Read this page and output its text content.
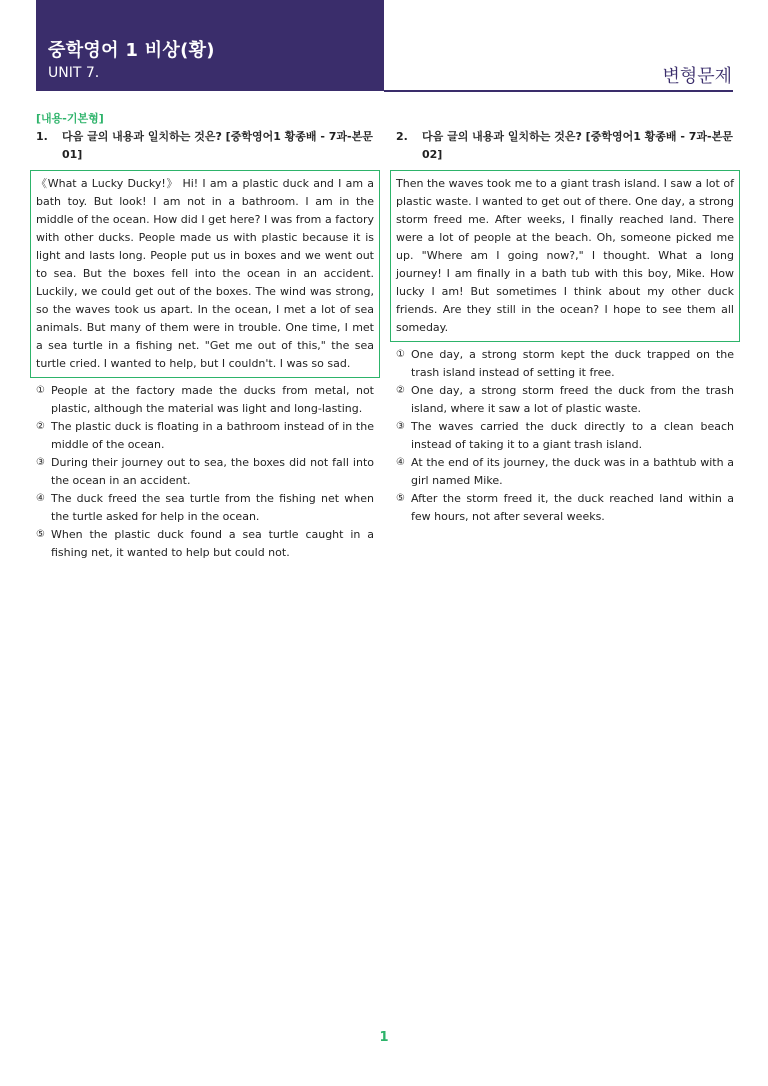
중학영어 1 비상(황)
UNIT 7.	변형문제
[내용-기본형]
1.	다음 글의 내용과 일치하는 것은? [중학영어1 황종배 - 7과-본문 01]
《What a Lucky Ducky!》 Hi! I am a plastic duck and I am a bath toy. But look! I am not in a bathroom. I am in the middle of the ocean. How did I get here? I was from a factory with other ducks. People made us with plastic because it is light and lasts long. People put us in boxes and we went out to sea. But the boxes fell into the ocean in an accident. Luckily, we could get out of the boxes. The wind was strong, so the waves took us apart. In the ocean, I met a lot of sea animals. But many of them were in trouble. One time, I met a sea turtle in a fishing net. "Get me out of this," the sea turtle cried. I wanted to help, but I couldn't. I was so sad.
① People at the factory made the ducks from metal, not plastic, although the material was light and long-lasting.
② The plastic duck is floating in a bathroom instead of in the middle of the ocean.
③ During their journey out to sea, the boxes did not fall into the ocean in an accident.
④ The duck freed the sea turtle from the fishing net when the turtle asked for help in the ocean.
⑤ When the plastic duck found a sea turtle caught in a fishing net, it wanted to help but could not.
2.	다음 글의 내용과 일치하는 것은? [중학영어1 황종배 - 7과-본문 02]
Then the waves took me to a giant trash island. I saw a lot of plastic waste. I wanted to get out of there. One day, a strong storm freed me. After weeks, I finally reached land. There were a lot of people at the beach. Oh, someone picked me up. "Where am I going now?," I thought. What a long journey! I am finally in a bath tub with this boy, Mike. How lucky I am! But sometimes I think about my other duck friends. Are they still in the ocean? I hope to see them all someday.
① One day, a strong storm kept the duck trapped on the trash island instead of setting it free.
② One day, a strong storm freed the duck from the trash island, where it saw a lot of plastic waste.
③ The waves carried the duck directly to a clean beach instead of taking it to a giant trash island.
④ At the end of its journey, the duck was in a bathtub with a girl named Mike.
⑤ After the storm freed it, the duck reached land within a few hours, not after several weeks.
1
